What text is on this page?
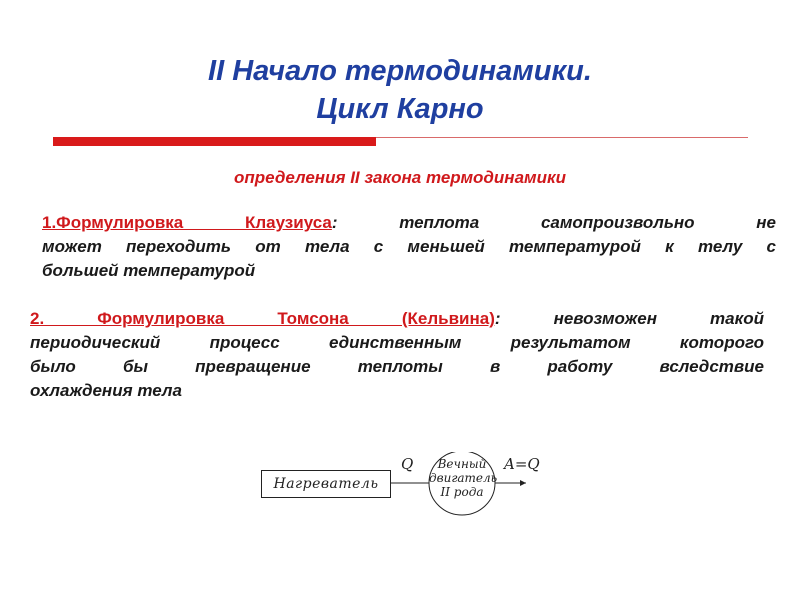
II Начало термодинамики.
Цикл Карно
определения II закона термодинамики
1.Формулировка Клаузиуса: теплота самопроизвольно не
может переходить от тела с меньшей температурой к телу с
большей температурой
2. Формулировка Томсона (Кельвина): невозможен такой
периодический процесс единственным результатом которого
было бы превращение теплоты в работу вследствие
охлаждения тела
Нагреватель
Q	A=Q
Вечный
двигатель
II рода
